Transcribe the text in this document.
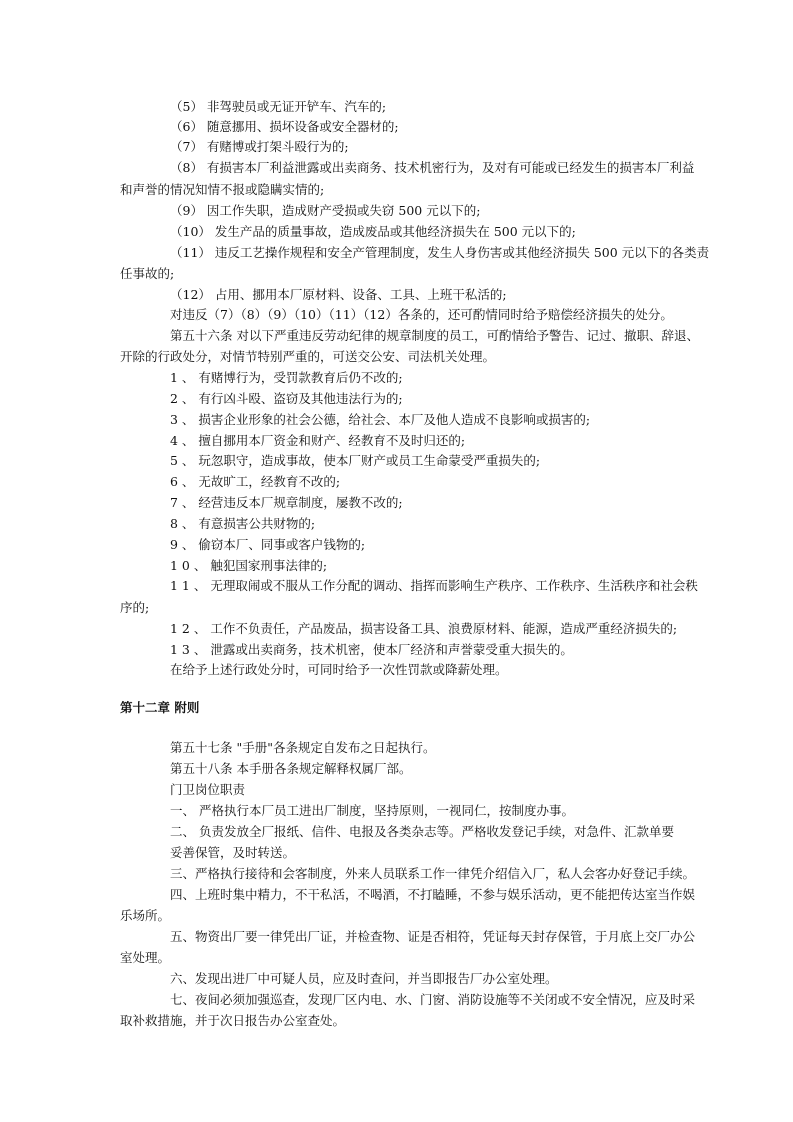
（5） 非驾驶员或无证开铲车、汽车的;
（6） 随意挪用、损坏设备或安全器材的;
（7） 有赌博或打架斗殴行为的;
（8） 有损害本厂利益泄露或出卖商务、技术机密行为，及对有可能或已经发生的损害本厂利益
和声誉的情况知情不报或隐瞒实情的;
（9） 因工作失职，造成财产受损或失窃 500 元以下的;
（10） 发生产品的质量事故，造成废品或其他经济损失在 500 元以下的;
（11） 违反工艺操作规程和安全产管理制度，发生人身伤害或其他经济损失 500 元以下的各类责
任事故的;
（12） 占用、挪用本厂原材料、设备、工具、上班干私活的;
对违反（7）（8）（9）（10）（11）（12）各条的，还可酌情同时给予赔偿经济损失的处分。
第五十六条 对以下严重违反劳动纪律的规章制度的员工，可酌情给予警告、记过、撤职、辞退、
开除的行政处分，对情节特别严重的，可送交公安、司法机关处理。
1 、 有赌博行为，受罚款教育后仍不改的;
2 、 有行凶斗殴、盗窃及其他违法行为的;
3 、 损害企业形象的社会公德，给社会、本厂及他人造成不良影响或损害的;
4 、 擅自挪用本厂资金和财产、经教育不及时归还的;
5 、 玩忽职守，造成事故，使本厂财产或员工生命蒙受严重损失的;
6 、 无故旷工，经教育不改的;
7 、 经营违反本厂规章制度，屡教不改的;
8 、 有意损害公共财物的;
9 、 偷窃本厂、同事或客户钱物的;
1 0 、 触犯国家刑事法律的;
1 1 、 无理取闹或不服从工作分配的调动、指挥而影响生产秩序、工作秩序、生活秩序和社会秩
序的;
1 2 、 工作不负责任，产品废品，损害设备工具、浪费原材料、能源，造成严重经济损失的;
1 3 、 泄露或出卖商务，技术机密，使本厂经济和声誉蒙受重大损失的。
在给予上述行政处分时，可同时给予一次性罚款或降薪处理。
第十二章 附则
第五十七条 "手册"各条规定自发布之日起执行。
第五十八条 本手册各条规定解释权属厂部。
门卫岗位职责
一、 严格执行本厂员工进出厂制度，坚持原则，一视同仁，按制度办事。
二、 负责发放全厂报纸、信件、电报及各类杂志等。严格收发登记手续，对急件、汇款单要
妥善保管，及时转送。
三、严格执行接待和会客制度，外来人员联系工作一律凭介绍信入厂，私人会客办好登记手续。
四、上班时集中精力，不干私活，不喝酒，不打瞌睡，不参与娱乐活动，更不能把传达室当作娱
乐场所。
五、物资出厂要一律凭出厂证，并检查物、证是否相符，凭证每天封存保管，于月底上交厂办公
室处理。
六、发现出进厂中可疑人员，应及时查问，并当即报告厂办公室处理。
七、夜间必须加强巡查，发现厂区内电、水、门窗、消防设施等不关闭或不安全情况，应及时采
取补救措施，并于次日报告办公室查处。
